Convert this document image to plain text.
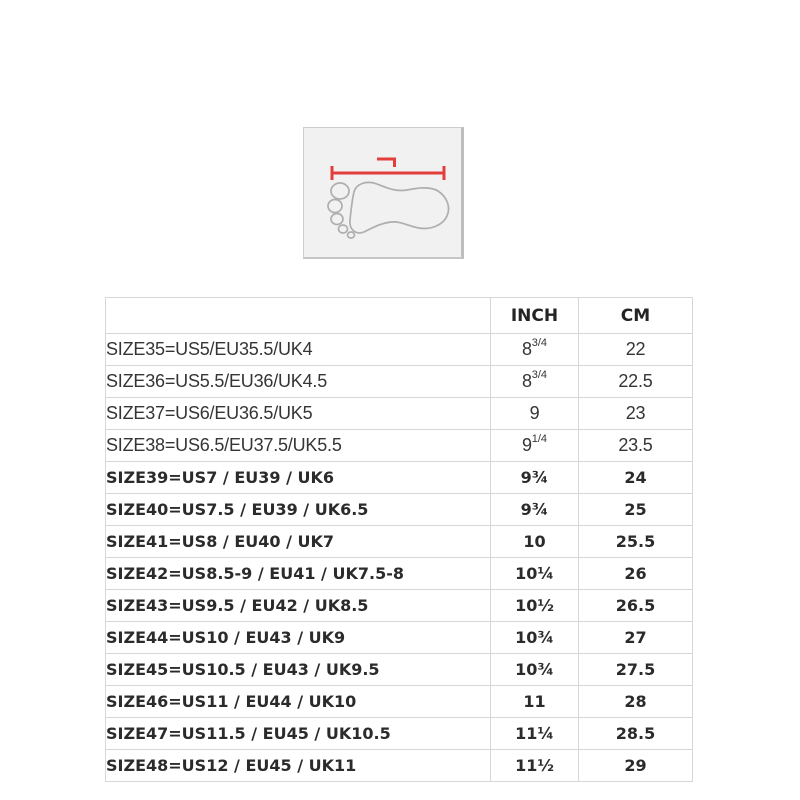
	INCH	CM
SIZE35=US5/EU35.5/UK4	$8^{3/4}$	22
SIZE36=US5.5/EU36/UK4.5	$8^{3/4}$	22.5
SIZE37=US6/EU36.5/UK5	9	23
SIZE38=US6.5/EU37.5/UK5.5	$9^{1/4}$	23.5
SIZE39=US7 / EU39 / UK6	9¾	24
SIZE40=US7.5 / EU39 / UK6.5	9¾	25
SIZE41=US8 / EU40 / UK7	10	25.5
SIZE42=US8.5-9 / EU41 / UK7.5-8	10¼	26
SIZE43=US9.5 / EU42 / UK8.5	10½	26.5
SIZE44=US10 / EU43 / UK9	10¾	27
SIZE45=US10.5 / EU43 / UK9.5	10¾	27.5
SIZE46=US11 / EU44 / UK10	11	28
SIZE47=US11.5 / EU45 / UK10.5	11¼	28.5
SIZE48=US12 / EU45 / UK11	11½	29
